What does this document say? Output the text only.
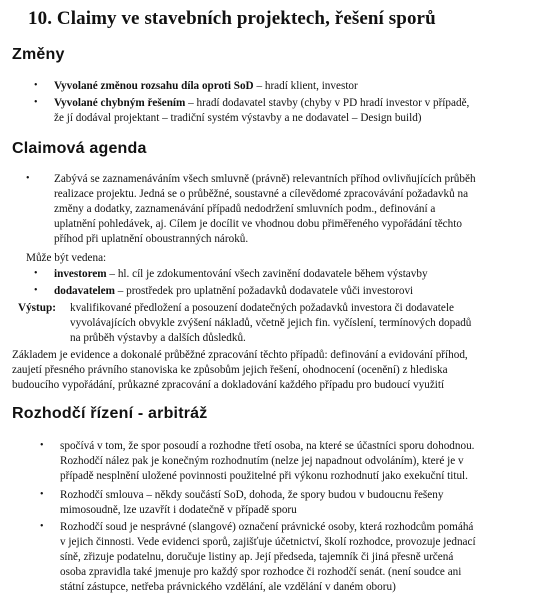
10. Claimy ve stavebních projektech, řešení sporů
Změny
• Vyvolané změnou rozsahu díla oproti SoD – hradí klient, investor
• Vyvolané chybným řešením – hradí dodavatel stavby (chyby v PD hradí investor v případě,
že jí dodával projektant – tradiční systém výstavby a ne dodavatel – Design build)
Claimová agenda
• Zabývá se zaznamenáváním všech smluvně (právně) relevantních příhod ovlivňujících průběh
realizace projektu. Jedná se o průběžné, soustavné a cílevědomé zpracovávání požadavků na
změny a dodatky, zaznamenávání případů nedodržení smluvních podm., definování a
uplatnění pohledávek, aj. Cílem je docílit ve vhodnou dobu přiměřeného vypořádání těchto
příhod při uplatnění oboustranných nároků.
Může být vedena:
• investorem – hl. cíl je zdokumentování všech zavinění dodavatele během výstavby
• dodavatelem – prostředek pro uplatnění požadavků dodavatele vůči investorovi
Výstup: kvalifikované předložení a posouzení dodatečných požadavků investora či dodavatele
vyvolávajících obvykle zvýšení nákladů, včetně jejich fin. vyčíslení, termínových dopadů
na průběh výstavby a dalších důsledků.
Základem je evidence a dokonalé průběžné zpracování těchto případů: definování a evidování příhod,
zaujetí přesného právního stanoviska ke způsobům jejich řešení, ohodnocení (ocenění) z hlediska
budoucího vypořádání, průkazné zpracování a dokladování každého případu pro budoucí využití
Rozhodčí řízení - arbitráž
• spočívá v tom, že spor posoudí a rozhodne třetí osoba, na které se účastníci sporu dohodnou.
Rozhodčí nález pak je konečným rozhodnutím (nelze jej napadnout odvoláním), které je v
případě nesplnění uložené povinnosti použitelné při výkonu rozhodnutí jako exekuční titul.
• Rozhodčí smlouva – někdy součástí SoD, dohoda, že spory budou v budoucnu řešeny
mimosoudně, lze uzavřít i dodatečně v případě sporu
• Rozhodčí soud je nesprávné (slangové) označení právnické osoby, která rozhodcům pomáhá
v jejich činnosti. Vede evidenci sporů, zajišťuje účetnictví, školí rozhodce, provozuje jednací
síně, zřizuje podatelnu, doručuje listiny ap. Její předseda, tajemník či jiná přesně určená
osoba zpravidla také jmenuje pro každý spor rozhodce či rozhodčí senát. (není soudce ani
státní zástupce, netřeba právnického vzdělání, ale vzdělání v daném oboru)
